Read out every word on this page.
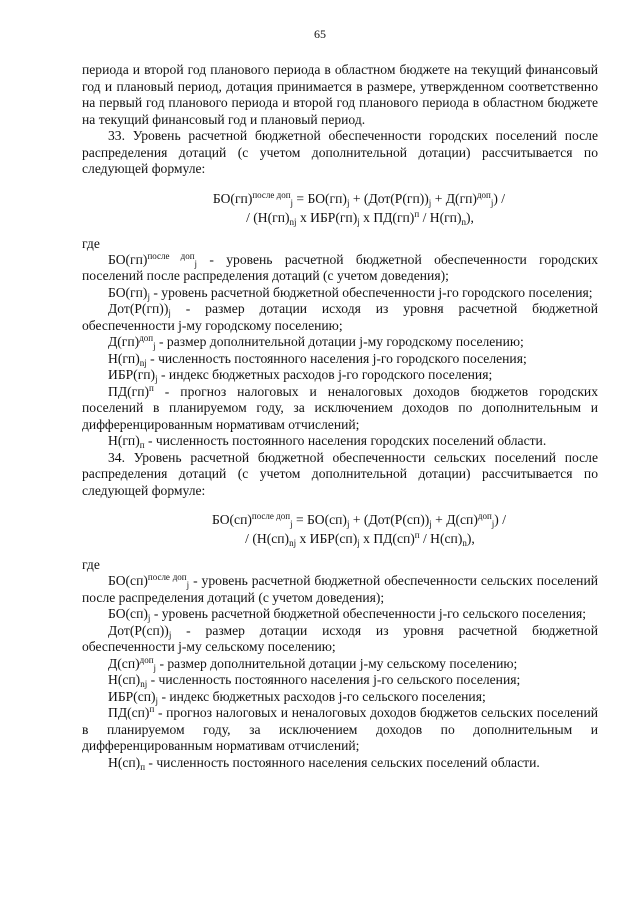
65

периода и второй год планового периода в областном бюджете на текущий финансовый год и плановый период, дотация принимается в размере, утвержденном соответственно на первый год планового периода и второй год планового периода в областном бюджете на текущий финансовый год и плановый период.

33. Уровень расчетной бюджетной обеспеченности городских поселений после распределения дотаций (с учетом дополнительной дотации) рассчитывается по следующей формуле:

$БО(гп)^{после доп}_j = БО(гп)_j + (Дот(Р(гп))_j + Д(гп)^{доп}_j)$ /

/ ($Н(гп)_{nj}$ х $ИБР(гп)_j$ х $ПД(гп)^п / Н(гп)_n$),

где

БО(гп)$^{после доп}_j$ - уровень расчетной бюджетной обеспеченности городских поселений после распределения дотаций (с учетом доведения);

$БО(гп)_j$ - уровень расчетной бюджетной обеспеченности j-го городского поселения;

$Дот(Р(гп))_j$ - размер дотации исходя из уровня расчетной бюджетной обеспеченности j-му городскому поселению;

Д(гп)$^{доп}_j$ - размер дополнительной дотации j-му городскому поселению;

$Н(гп)_{nj}$ - численность постоянного населения j-го городского поселения;

$ИБР(гп)_j$ - индекс бюджетных расходов j-го городского поселения;

ПД(гп)$^п$ - прогноз налоговых и неналоговых доходов бюджетов городских поселений в планируемом году, за исключением доходов по дополнительным и дифференцированным нормативам отчислений;

$Н(гп)_п$ - численность постоянного населения городских поселений области.

34. Уровень расчетной бюджетной обеспеченности сельских поселений после распределения дотаций (с учетом дополнительной дотации) рассчитывается по следующей формуле:

$БО(сп)^{после доп}_j = БО(сп)_j + (Дот(Р(сп))_j + Д(сп)^{доп}_j)$ /

/ ($Н(сп)_{nj}$ х $ИБР(сп)_j$ х $ПД(сп)^п / Н(сп)_n$),

где

БО(сп)$^{после доп}_j$ - уровень расчетной бюджетной обеспеченности сельских поселений после распределения дотаций (с учетом доведения);

$БО(сп)_j$ - уровень расчетной бюджетной обеспеченности j-го сельского поселения;

$Дот(Р(сп))_j$ - размер дотации исходя из уровня расчетной бюджетной обеспеченности j-му сельскому поселению;

Д(сп)$^{доп}_j$ - размер дополнительной дотации j-му сельскому поселению;

$Н(сп)_{nj}$ - численность постоянного населения j-го сельского поселения;

$ИБР(сп)_j$ - индекс бюджетных расходов j-го сельского поселения;

ПД(сп)$^п$ - прогноз налоговых и неналоговых доходов бюджетов сельских поселений в планируемом году, за исключением доходов по дополнительным и дифференцированным нормативам отчислений;

$Н(сп)_п$ - численность постоянного населения сельских поселений области.
